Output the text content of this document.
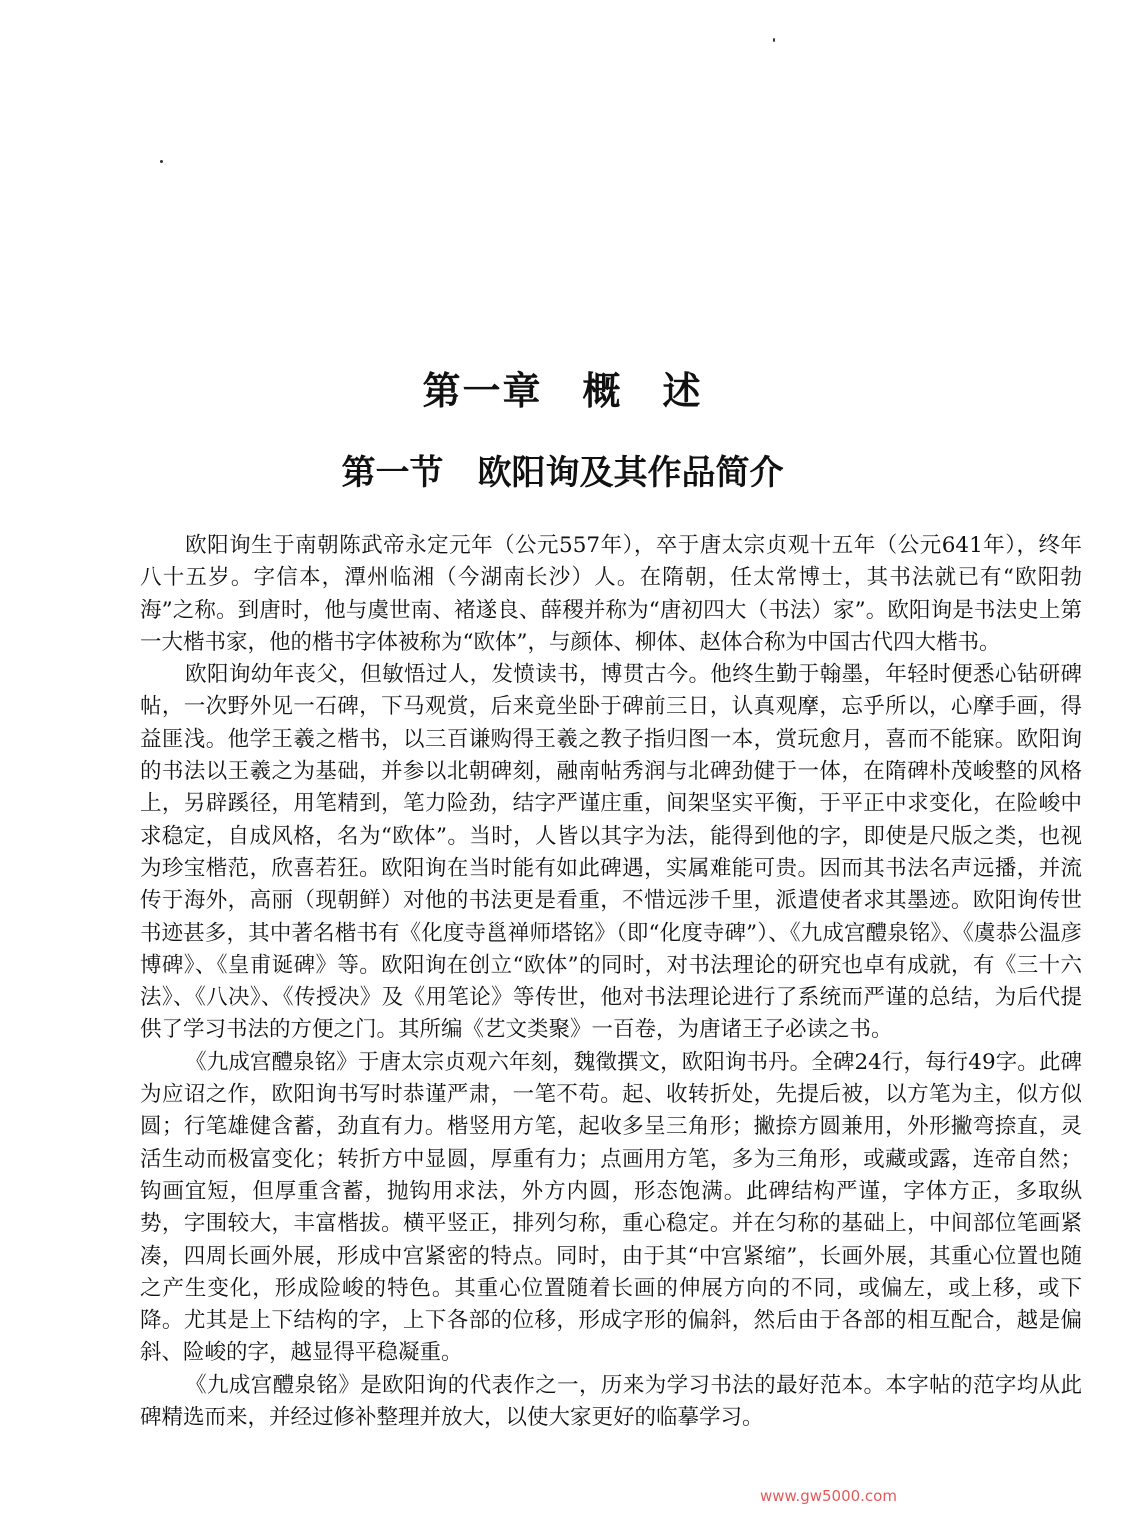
第一章　概　述
第一节　欧阳询及其作品简介

欧阳询生于南朝陈武帝永定元年（公元557年），卒于唐太宗贞观十五年（公元641年），终年八十五岁。字信本，潭州临湘（今湖南长沙）人。在隋朝，任太常博士，其书法就已有“欧阳勃海”之称。到唐时，他与虞世南、褚遂良、薛稷并称为“唐初四大（书法）家”。欧阳询是书法史上第一大楷书家，他的楷书字体被称为“欧体”，与颜体、柳体、赵体合称为中国古代四大楷书。

欧阳询幼年丧父，但敏悟过人，发愤读书，博贯古今。他终生勤于翰墨，年轻时便悉心钻研碑帖，一次野外见一石碑，下马观赏，后来竟坐卧于碑前三日，认真观摩，忘乎所以，心摩手画，得益匪浅。他学王羲之楷书，以三百谦购得王羲之教子指归图一本，赏玩愈月，喜而不能寐。欧阳询的书法以王羲之为基础，并参以北朝碑刻，融南帖秀润与北碑劲健于一体，在隋碑朴茂峻整的风格上，另辟蹊径，用笔精到，笔力险劲，结字严谨庄重，间架坚实平衡，于平正中求变化，在险峻中求稳定，自成风格，名为“欧体”。当时，人皆以其字为法，能得到他的字，即使是尺版之类，也视为珍宝楷范，欣喜若狂。欧阳询在当时能有如此碑遇，实属难能可贵。因而其书法名声远播，并流传于海外，高丽（现朝鲜）对他的书法更是看重，不惜远涉千里，派遣使者求其墨迹。欧阳询传世书迹甚多，其中著名楷书有《化度寺邕禅师塔铭》（即“化度寺碑”）、《九成宫醴泉铭》、《虞恭公温彦博碑》、《皇甫诞碑》等。欧阳询在创立“欧体”的同时，对书法理论的研究也卓有成就，有《三十六法》、《八决》、《传授决》及《用笔论》等传世，他对书法理论进行了系统而严谨的总结，为后代提供了学习书法的方便之门。其所编《艺文类聚》一百卷，为唐诸王子必读之书。

《九成宫醴泉铭》于唐太宗贞观六年刻，魏徵撰文，欧阳询书丹。全碑24行，每行49字。此碑为应诏之作，欧阳询书写时恭谨严肃，一笔不苟。起、收转折处，先提后被，以方笔为主，似方似圆；行笔雄健含蓄，劲直有力。楷竖用方笔，起收多呈三角形；撇捺方圆兼用，外形撇弯捺直，灵活生动而极富变化；转折方中显圆，厚重有力；点画用方笔，多为三角形，或藏或露，连帝自然；钩画宜短，但厚重含蓄，抛钩用求法，外方内圆，形态饱满。此碑结构严谨，字体方正，多取纵势，字围较大，丰富楷拔。横平竖正，排列匀称，重心稳定。并在匀称的基础上，中间部位笔画紧凑，四周长画外展，形成中宫紧密的特点。同时，由于其“中宫紧缩”，长画外展，其重心位置也随之产生变化，形成险峻的特色。其重心位置随着长画的伸展方向的不同，或偏左，或上移，或下降。尤其是上下结构的字，上下各部的位移，形成字形的偏斜，然后由于各部的相互配合，越是偏斜、险峻的字，越显得平稳凝重。

《九成宫醴泉铭》是欧阳询的代表作之一，历来为学习书法的最好范本。本字帖的范字均从此碑精选而来，并经过修补整理并放大，以使大家更好的临摹学习。

www.gw5000.com
